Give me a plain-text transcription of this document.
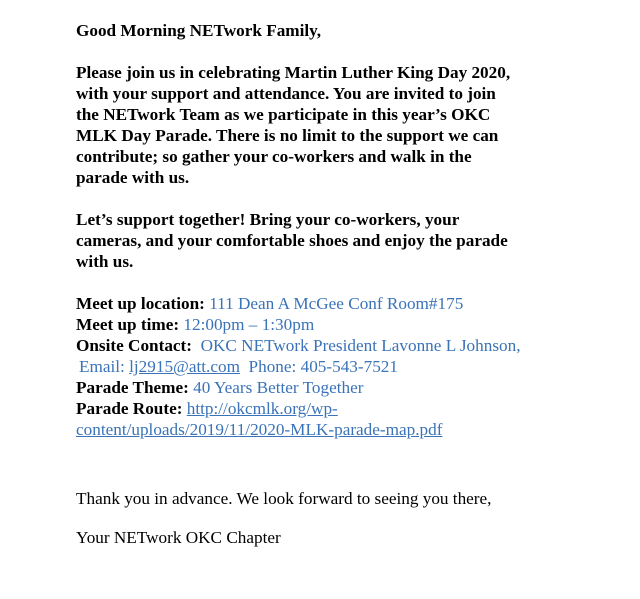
Good Morning NETwork Family,

Please join us in celebrating Martin Luther King Day 2020,

with your support and attendance. You are invited to join

the NETwork Team as we participate in this year’s OKC

MLK Day Parade. There is no limit to the support we can

contribute; so gather your co-workers and walk in the

parade with us.

Let’s support together! Bring your co-workers, your

cameras, and your comfortable shoes and enjoy the parade

with us.

Meet up location: 111 Dean A McGee Conf Room#175

Meet up time: 12:00pm – 1:30pm

Onsite Contact: OKC NETwork President Lavonne L Johnson,

Email: lj2915@att.com Phone: 405-543-7521

Parade Theme: 40 Years Better Together

Parade Route: http://okcmlk.org/wp-

content/uploads/2019/11/2020-MLK-parade-map.pdf

Thank you in advance. We look forward to seeing you there,

Your NETwork OKC Chapter
